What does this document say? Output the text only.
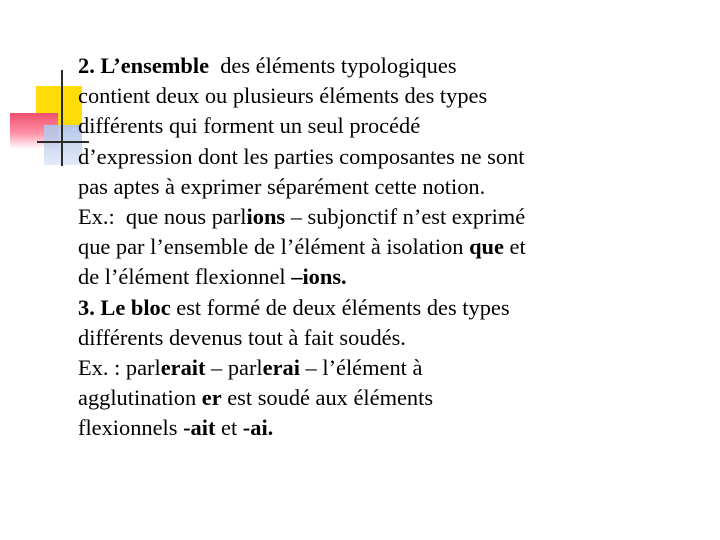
2. L’ensemble  des éléments typologiques
contient deux ou plusieurs éléments des types
différents qui forment un seul procédé
d’expression dont les parties composantes ne sont
pas aptes à exprimer séparément cette notion.
Ex.:  que nous parlions – subjonctif n’est exprimé
que par l’ensemble de l’élément à isolation que et
de l’élément flexionnel –ions.
3. Le bloc est formé de deux éléments des types
différents devenus tout à fait soudés.
Ex. : parlerait – parlerai – l’élément à
agglutination er est soudé aux éléments
flexionnels -ait et -ai.
